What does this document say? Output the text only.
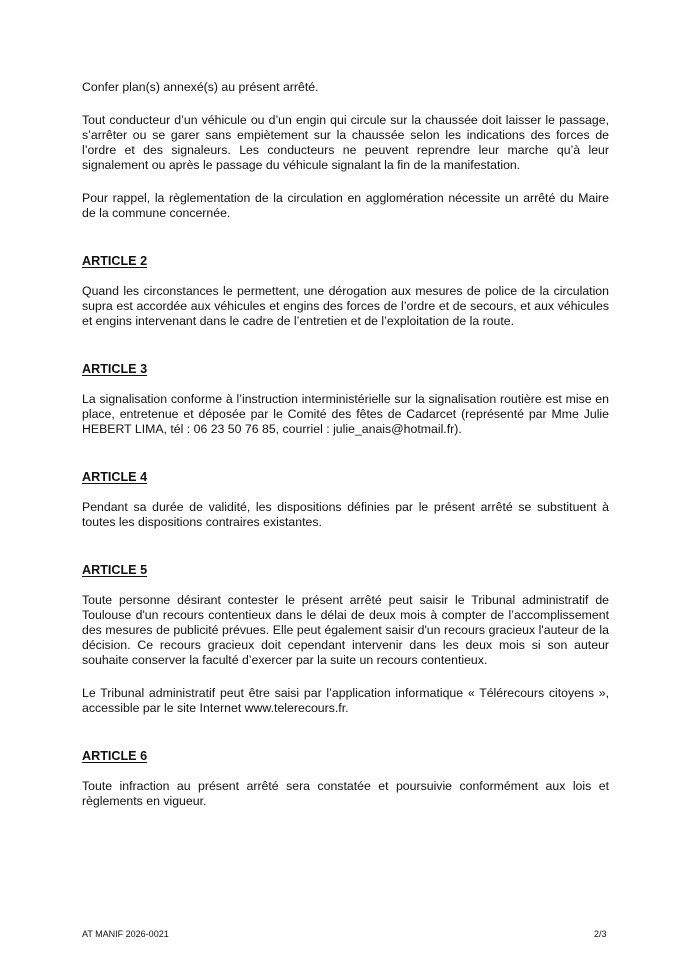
Confer plan(s) annexé(s) au présent arrêté.

Tout conducteur d’un véhicule ou d’un engin qui circule sur la chaussée doit laisser le passage, s’arrêter ou se garer sans empiètement sur la chaussée selon les indications des forces de l’ordre et des signaleurs. Les conducteurs ne peuvent reprendre leur marche qu’à leur signalement ou après le passage du véhicule signalant la fin de la manifestation.

Pour rappel, la règlementation de la circulation en agglomération nécessite un arrêté du Maire de la commune concernée.

ARTICLE 2

Quand les circonstances le permettent, une dérogation aux mesures de police de la circulation supra est accordée aux véhicules et engins des forces de l’ordre et de secours, et aux véhicules et engins intervenant dans le cadre de l’entretien et de l’exploitation de la route.

ARTICLE 3

La signalisation conforme à l’instruction interministérielle sur la signalisation routière est mise en place, entretenue et déposée par le Comité des fêtes de Cadarcet (représenté par Mme Julie HEBERT LIMA, tél : 06 23 50 76 85, courriel : julie_anais@hotmail.fr).

ARTICLE 4

Pendant sa durée de validité, les dispositions définies par le présent arrêté se substituent à toutes les dispositions contraires existantes.

ARTICLE 5

Toute personne désirant contester le présent arrêté peut saisir le Tribunal administratif de Toulouse d'un recours contentieux dans le délai de deux mois à compter de l’accomplissement des mesures de publicité prévues. Elle peut également saisir d'un recours gracieux l'auteur de la décision. Ce recours gracieux doit cependant intervenir dans les deux mois si son auteur souhaite conserver la faculté d’exercer par la suite un recours contentieux.

Le Tribunal administratif peut être saisi par l’application informatique « Télérecours citoyens », accessible par le site Internet www.telerecours.fr.

ARTICLE 6

Toute infraction au présent arrêté sera constatée et poursuivie conformément aux lois et règlements en vigueur.

AT MANIF 2026-0021	2/3
